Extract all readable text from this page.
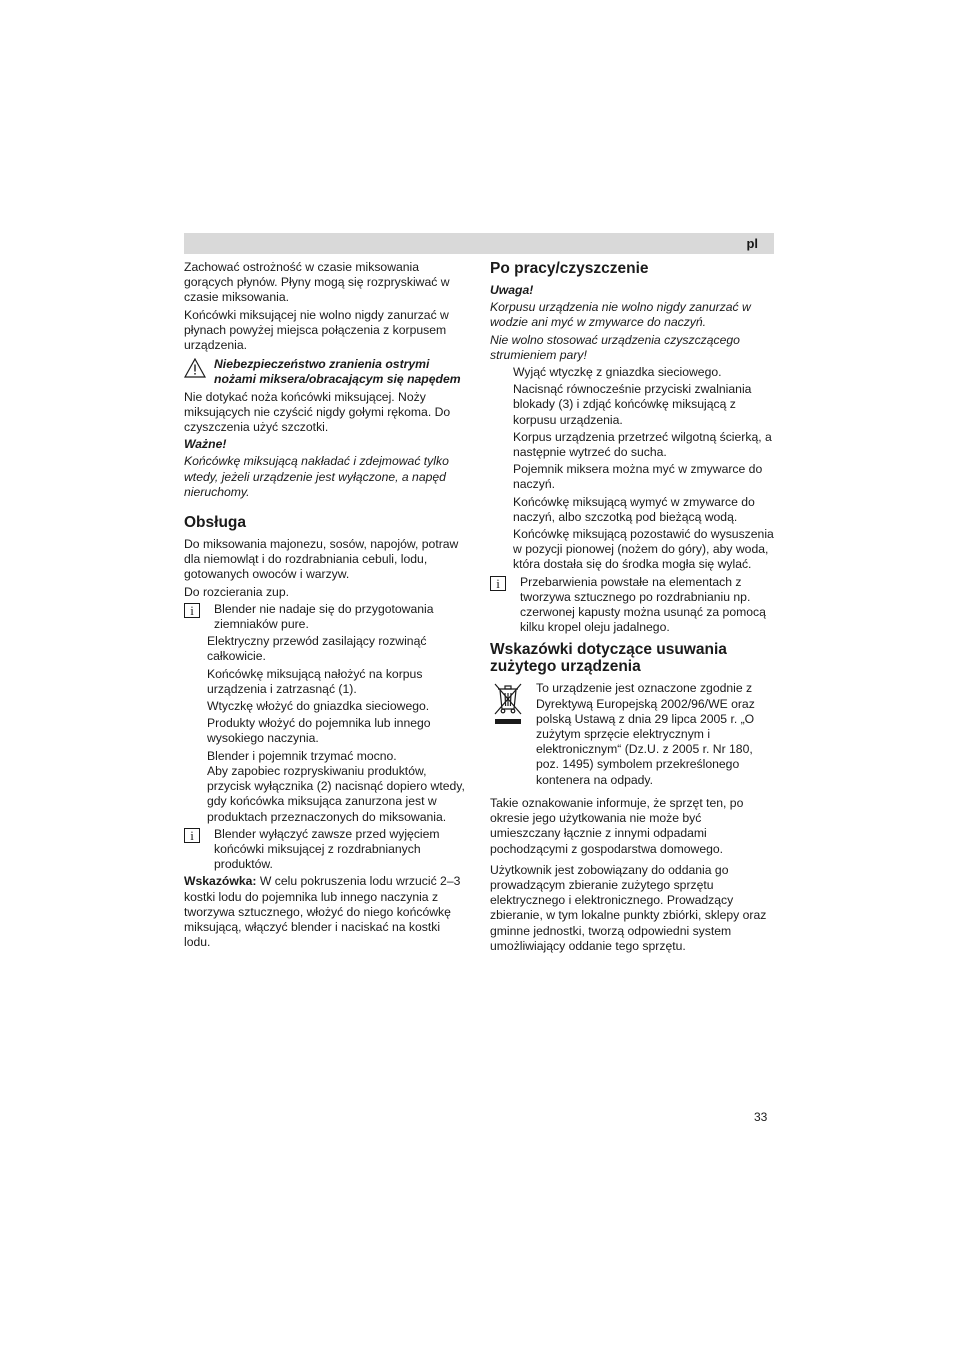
pl

Zachować ostrożność w czasie miksowania gorących płynów. Płyny mogą się rozpryskiwać w czasie miksowania.

Końcówki miksującej nie wolno nigdy zanurzać w płynach powyżej miejsca połączenia z korpusem urządzenia.

Niebezpieczeństwo zranienia ostrymi nożami miksera/obracającym się napędem

Nie dotykać noża końcówki miksującej. Noży miksujących nie czyścić nigdy gołymi rękoma. Do czyszczenia użyć szczotki.

Ważne!

Końcówkę miksującą nakładać i zdejmować tylko wtedy, jeżeli urządzenie jest wyłączone, a napęd nieruchomy.

Obsługa

Do miksowania majonezu, sosów, napojów, potraw dla niemowląt i do rozdrabniania cebuli, lodu, gotowanych owoców i warzyw.

Do rozcierania zup.

i	Blender nie nadaje się do przygotowania ziemniaków pure.

Elektryczny przewód zasilający rozwinąć całkowicie.

Końcówkę miksującą nałożyć na korpus urządzenia i zatrzasnąć (1).

Wtyczkę włożyć do gniazdka sieciowego.

Produkty włożyć do pojemnika lub innego wysokiego naczynia.

Blender i pojemnik trzymać mocno.

Aby zapobiec rozpryskiwaniu produktów, przycisk wyłącznika (2) nacisnąć dopiero wtedy, gdy końcówka miksująca zanurzona jest w produktach przeznaczonych do miksowania.

i	Blender wyłączyć zawsze przed wyjęciem końcówki miksującej z rozdrabnianych produktów.

Wskazówka: W celu pokruszenia lodu wrzucić 2–3 kostki lodu do pojemnika lub innego naczynia z tworzywa sztucznego, włożyć do niego końcówkę miksującą, włączyć blender i naciskać na kostki lodu.

Po pracy/czyszczenie

Uwaga!

Korpusu urządzenia nie wolno nigdy zanurzać w wodzie ani myć w zmywarce do naczyń.

Nie wolno stosować urządzenia czyszczącego strumieniem pary!

Wyjąć wtyczkę z gniazdka sieciowego.

Nacisnąć równocześnie przyciski zwalniania blokady (3) i zdjąć końcówkę miksującą z korpusu urządzenia.

Korpus urządzenia przetrzeć wilgotną ścierką, a następnie wytrzeć do sucha.

Pojemnik miksera można myć w zmywarce do naczyń.

Końcówkę miksującą wymyć w zmywarce do naczyń, albo szczotką pod bieżącą wodą.

Końcówkę miksującą pozostawić do wysuszenia w pozycji pionowej (nożem do góry), aby woda, która dostała się do środka mogła się wylać.

i	Przebarwienia powstałe na elementach z tworzywa sztucznego po rozdrabnianiu np. czerwonej kapusty można usunąć za pomocą kilku kropel oleju jadalnego.
Wskazówki dotyczące usuwania zużytego urządzenia
To urządzenie jest oznaczone zgodnie z Dyrektywą Europejską 2002/96/WE oraz polską Ustawą z dnia 29 lipca 2005 r. „O zużytym sprzęcie elektrycznym i elektronicznym“ (Dz.U. z 2005 r. Nr 180, poz. 1495) symbolem przekreślonego kontenera na odpady.

Takie oznakowanie informuje, że sprzęt ten, po okresie jego użytkowania nie może być umieszczany łącznie z innymi odpadami pochodzącymi z gospodarstwa domowego.

Użytkownik jest zobowiązany do oddania go prowadzącym zbieranie zużytego sprzętu elektrycznego i elektronicznego. Prowadzący zbieranie, w tym lokalne punkty zbiórki, sklepy oraz gminne jednostki, tworzą odpowiedni system umożliwiający oddanie tego sprzętu.

33
